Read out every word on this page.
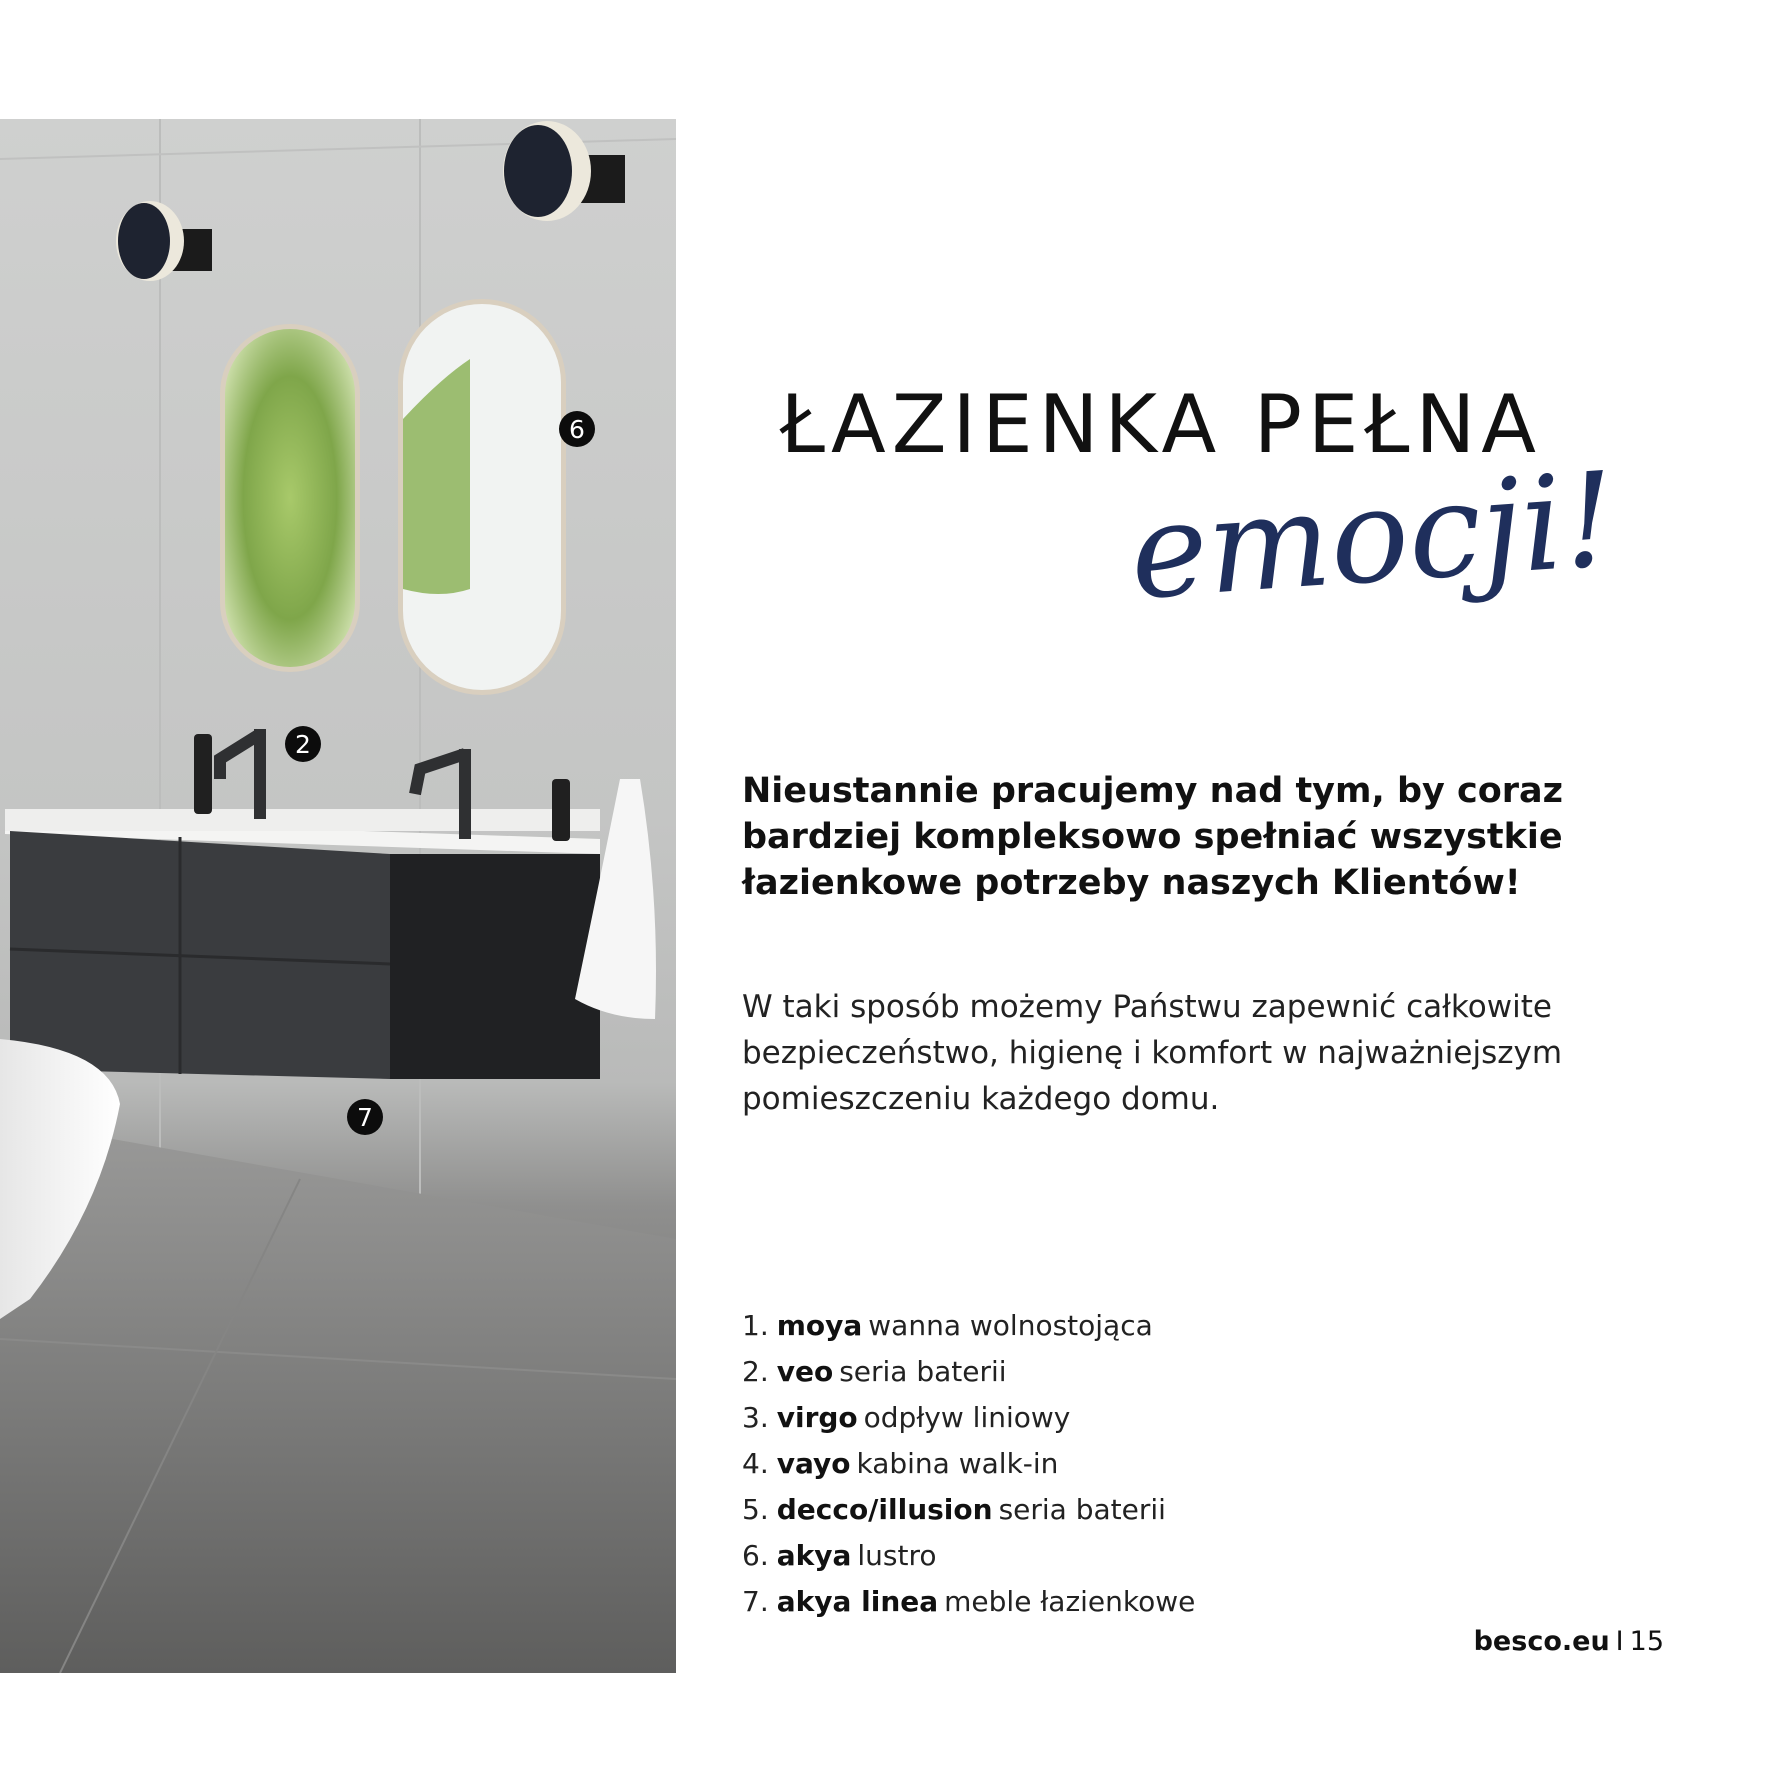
6
2
7
ŁAZIENKA PEŁNA
emocji!
Nieustannie pracujemy nad tym, by coraz bardziej kompleksowo spełniać wszystkie łazienkowe potrzeby naszych Klientów!
W taki sposób możemy Państwu zapewnić całkowite bezpieczeństwo, higienę i komfort w najważniejszym pomieszczeniu każdego domu.
1. moya wanna wolnostojąca
2. veo seria baterii
3. virgo odpływ liniowy
4. vayo kabina walk-in
5. decco/illusion seria baterii
6. akya lustro
7. akya linea meble łazienkowe
besco.eu I 15
